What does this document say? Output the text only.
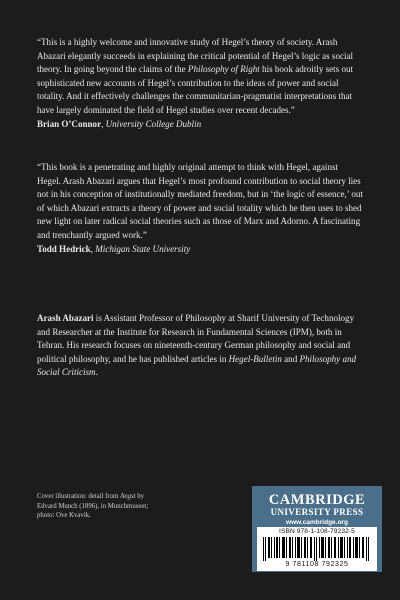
“This is a highly welcome and innovative study of Hegel’s theory of society. Arash Abazari elegantly succeeds in explaining the critical potential of Hegel’s logic as social theory. In going beyond the claims of the Philosophy of Right his book adroitly sets out sophisticated new accounts of Hegel’s contribution to the ideas of power and social totality. And it effectively challenges the communitarian-pragmatist interpretations that have largely dominated the field of Hegel studies over recent decades.”
Brian O’Connor, University College Dublin
“This book is a penetrating and highly original attempt to think with Hegel, against Hegel. Arash Abazari argues that Hegel’s most profound contribution to social theory lies not in his conception of institutionally mediated freedom, but in ‘the logic of essence,’ out of which Abazari extracts a theory of power and social totality which he then uses to shed new light on later radical social theories such as those of Marx and Adorno. A fascinating and trenchantly argued work.”
Todd Hedrick, Michigan State University
Arash Abazari is Assistant Professor of Philosophy at Sharif University of Technology and Researcher at the Institute for Research in Fundamental Sciences (IPM), both in Tehran. His research focuses on nineteenth-century German philosophy and social and political philosophy, and he has published articles in Hegel-Bulletin and Philosophy and Social Criticism.
Cover illustration: detail from Angst by Edvard Munch (1896), in Munchmuseet; photo: Ove Kvavik.
CAMBRIDGE
UNIVERSITY PRESS
www.cambridge.org
ISBN 978-1-108-79232-5
9 781108 792325
